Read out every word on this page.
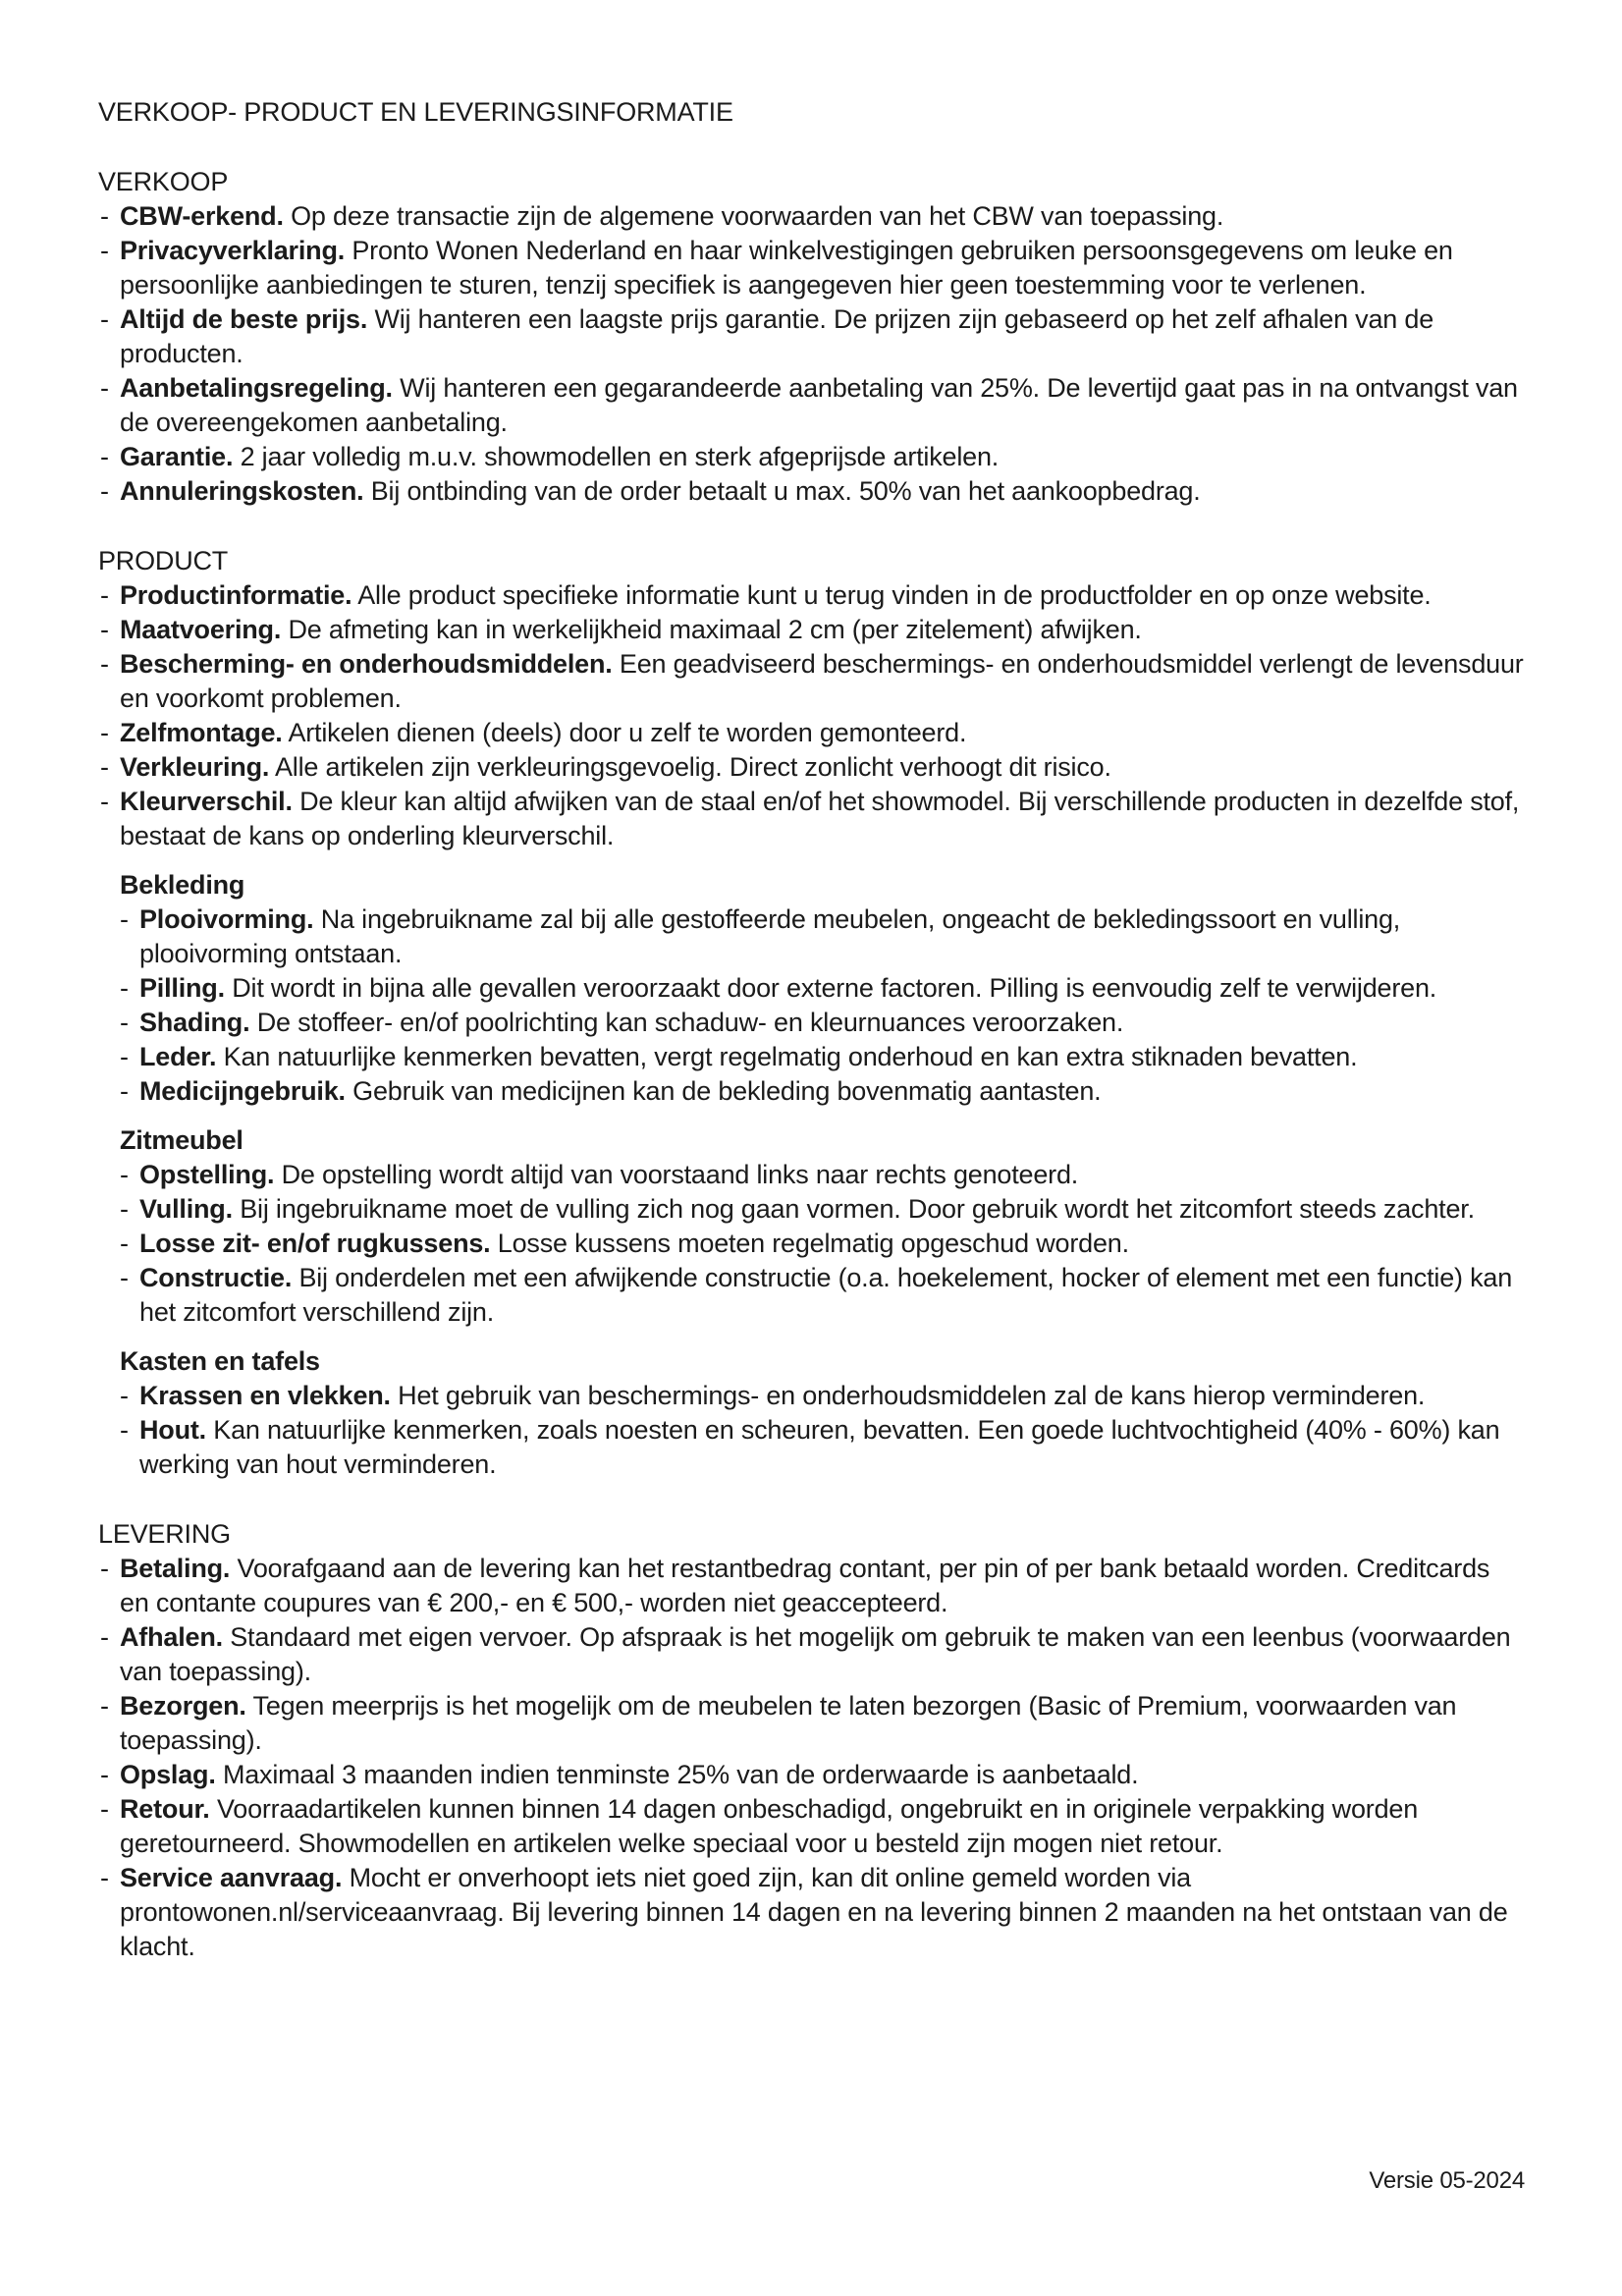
VERKOOP- PRODUCT EN LEVERINGSINFORMATIE
VERKOOP
- CBW-erkend. Op deze transactie zijn de algemene voorwaarden van het CBW van toepassing.
- Privacyverklaring. Pronto Wonen Nederland en haar winkelvestigingen gebruiken persoonsgegevens om leuke en persoonlijke aanbiedingen te sturen, tenzij specifiek is aangegeven hier geen toestemming voor te verlenen.
- Altijd de beste prijs. Wij hanteren een laagste prijs garantie. De prijzen zijn gebaseerd op het zelf afhalen van de producten.
- Aanbetalingsregeling. Wij hanteren een gegarandeerde aanbetaling van 25%. De levertijd gaat pas in na ontvangst van de overeengekomen aanbetaling.
- Garantie. 2 jaar volledig m.u.v. showmodellen en sterk afgeprijsde artikelen.
- Annuleringskosten. Bij ontbinding van de order betaalt u max. 50% van het aankoopbedrag.
PRODUCT
- Productinformatie. Alle product specifieke informatie kunt u terug vinden in de productfolder en op onze website.
- Maatvoering. De afmeting kan in werkelijkheid maximaal 2 cm (per zitelement) afwijken.
- Bescherming- en onderhoudsmiddelen. Een geadviseerd beschermings- en onderhoudsmiddel verlengt de levensduur en voorkomt problemen.
- Zelfmontage. Artikelen dienen (deels) door u zelf te worden gemonteerd.
- Verkleuring. Alle artikelen zijn verkleuringsgevoelig. Direct zonlicht verhoogt dit risico.
- Kleurverschil. De kleur kan altijd afwijken van de staal en/of het showmodel. Bij verschillende producten in dezelfde stof, bestaat de kans op onderling kleurverschil.
Bekleding
- Plooivorming. Na ingebruikname zal bij alle gestoffeerde meubelen, ongeacht de bekledingssoort en vulling, plooivorming ontstaan.
- Pilling. Dit wordt in bijna alle gevallen veroorzaakt door externe factoren. Pilling is eenvoudig zelf te verwijderen.
- Shading. De stoffeer- en/of poolrichting kan schaduw- en kleurnuances veroorzaken.
- Leder. Kan natuurlijke kenmerken bevatten, vergt regelmatig onderhoud en kan extra stiknaden bevatten.
- Medicijngebruik. Gebruik van medicijnen kan de bekleding bovenmatig aantasten.
Zitmeubel
- Opstelling. De opstelling wordt altijd van voorstaand links naar rechts genoteerd.
- Vulling. Bij ingebruikname moet de vulling zich nog gaan vormen. Door gebruik wordt het zitcomfort steeds zachter.
- Losse zit- en/of rugkussens. Losse kussens moeten regelmatig opgeschud worden.
- Constructie. Bij onderdelen met een afwijkende constructie (o.a. hoekelement, hocker of element met een functie) kan het zitcomfort verschillend zijn.
Kasten en tafels
- Krassen en vlekken. Het gebruik van beschermings- en onderhoudsmiddelen zal de kans hierop verminderen.
- Hout. Kan natuurlijke kenmerken, zoals noesten en scheuren, bevatten. Een goede luchtvochtigheid (40% - 60%) kan werking van hout verminderen.
LEVERING
- Betaling. Voorafgaand aan de levering kan het restantbedrag contant, per pin of per bank betaald worden. Creditcards en contante coupures van € 200,- en € 500,- worden niet geaccepteerd.
- Afhalen. Standaard met eigen vervoer. Op afspraak is het mogelijk om gebruik te maken van een leenbus (voorwaarden van toepassing).
- Bezorgen. Tegen meerprijs is het mogelijk om de meubelen te laten bezorgen (Basic of Premium, voorwaarden van toepassing).
- Opslag. Maximaal 3 maanden indien tenminste 25% van de orderwaarde is aanbetaald.
- Retour. Voorraadartikelen kunnen binnen 14 dagen onbeschadigd, ongebruikt en in originele verpakking worden geretourneerd. Showmodellen en artikelen welke speciaal voor u besteld zijn mogen niet retour.
- Service aanvraag. Mocht er onverhoopt iets niet goed zijn, kan dit online gemeld worden via prontowonen.nl/serviceaanvraag. Bij levering binnen 14 dagen en na levering binnen 2 maanden na het ontstaan van de klacht.
Versie 05-2024
